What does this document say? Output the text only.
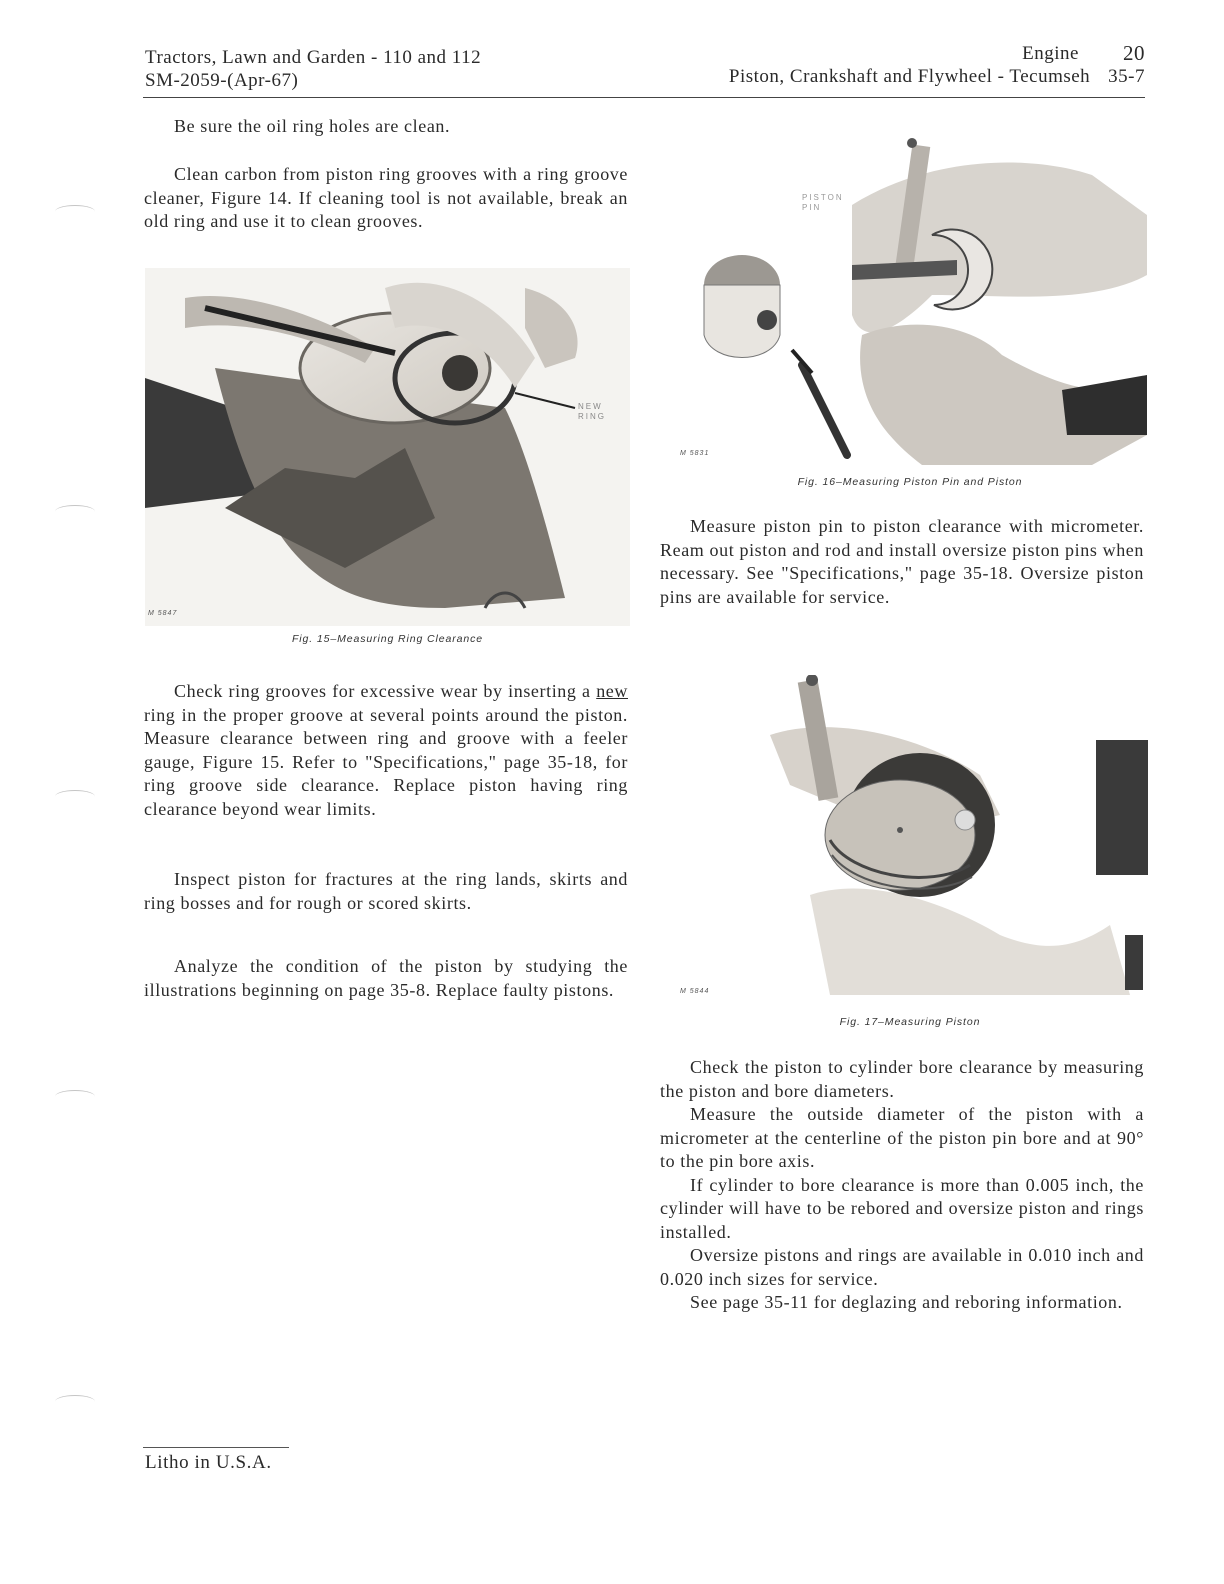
Tractors, Lawn and Garden - 110 and 112
SM-2059-(Apr-67)
Engine 20
Piston, Crankshaft and Flywheel - Tecumseh 35-7
Be sure the oil ring holes are clean.
Clean carbon from piston ring grooves with a ring groove cleaner, Figure 14. If cleaning tool is not available, break an old ring and use it to clean grooves.
NEW RING
M 5847
Fig. 15–Measuring Ring Clearance
Check ring grooves for excessive wear by inserting a new ring in the proper groove at several points around the piston. Measure clearance between ring and groove with a feeler gauge, Figure 15. Refer to "Specifications," page 35-18, for ring groove side clearance. Replace piston having ring clearance beyond wear limits.
Inspect piston for fractures at the ring lands, skirts and ring bosses and for rough or scored skirts.
Analyze the condition of the piston by studying the illustrations beginning on page 35-8. Replace faulty pistons.
PISTON PIN
M 5831
Fig. 16–Measuring Piston Pin and Piston
Measure piston pin to piston clearance with micrometer. Ream out piston and rod and install oversize piston pins when necessary. See "Specifications," page 35-18. Oversize piston pins are available for service.
M 5844
Fig. 17–Measuring Piston
Check the piston to cylinder bore clearance by measuring the piston and bore diameters.
Measure the outside diameter of the piston with a micrometer at the centerline of the piston pin bore and at 90° to the pin bore axis.
If cylinder to bore clearance is more than 0.005 inch, the cylinder will have to be rebored and oversize piston and rings installed.
Oversize pistons and rings are available in 0.010 inch and 0.020 inch sizes for service.
See page 35-11 for deglazing and reboring information.
Litho in U.S.A.
